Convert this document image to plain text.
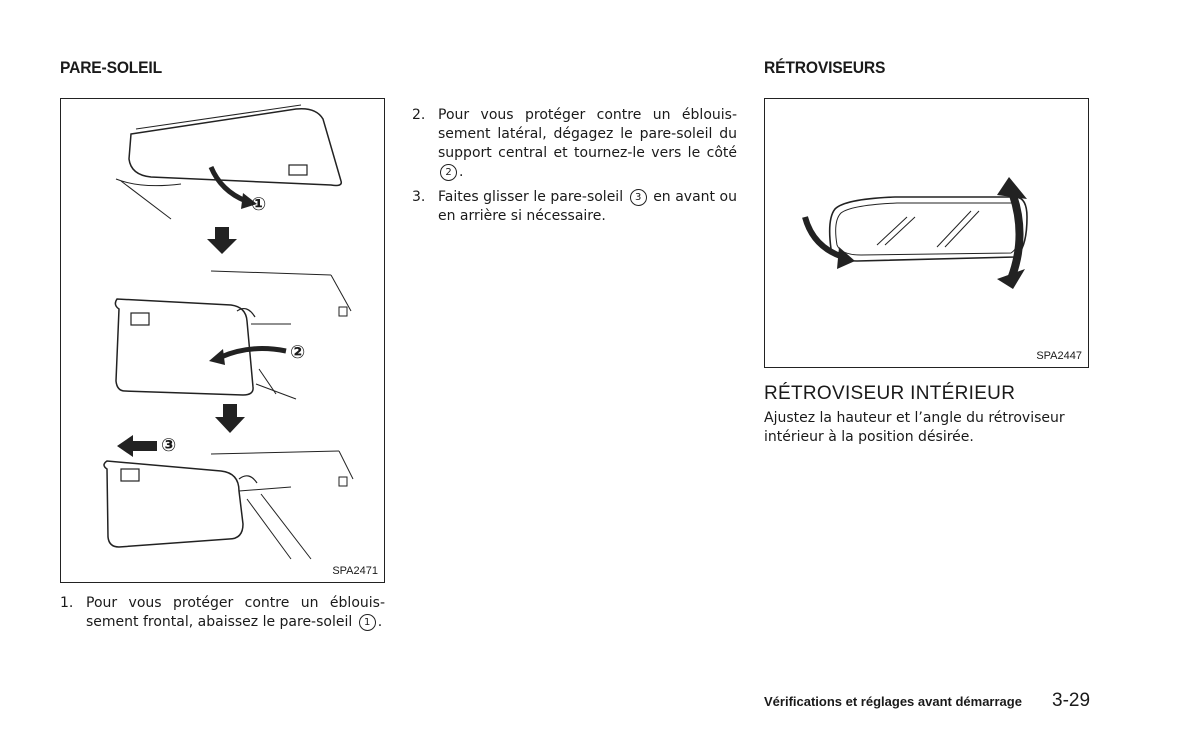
PARE-SOLEIL
①
②
③
SPA2471
1. Pour vous protéger contre un éblouis-sement frontal, abaissez le pare-soleil 1 .
2. Pour vous protéger contre un éblouis-sement latéral, dégagez le pare-soleil du support central et tournez-le vers le côté 2 .
3. Faites glisser le pare-soleil 3 en avant ou en arrière si nécessaire.
RÉTROVISEURS
SPA2447
RÉTROVISEUR INTÉRIEUR
Ajustez la hauteur et l’angle du rétroviseur intérieur à la position désirée.
Vérifications et réglages avant démarrage 3-29
